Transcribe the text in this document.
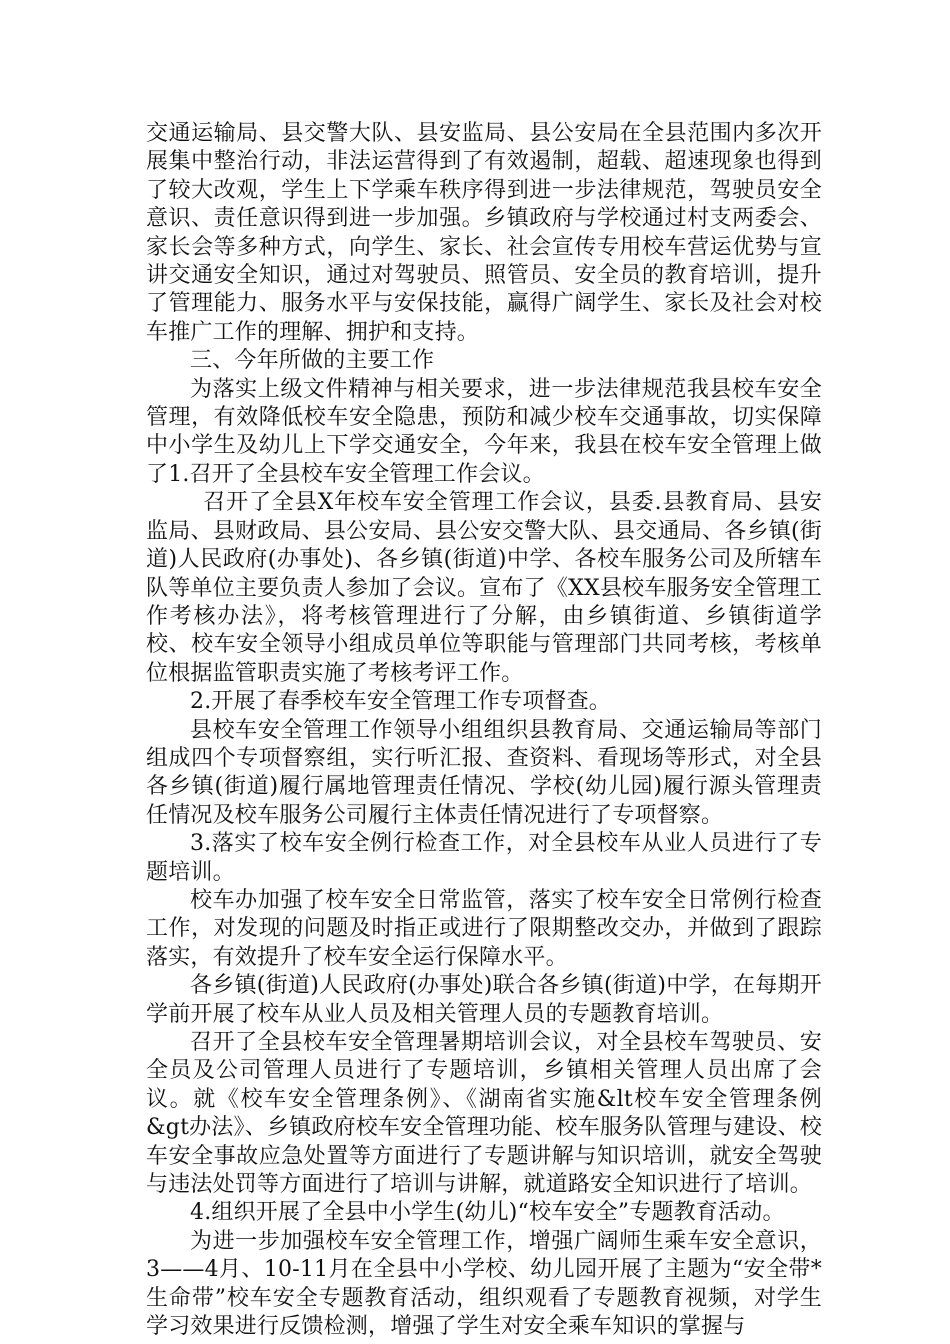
交通运输局、县交警大队、县安监局、县公安局在全县范围内多次开展集中整治行动，非法运营得到了有效遏制，超载、超速现象也得到了较大改观，学生上下学乘车秩序得到进一步法律规范，驾驶员安全意识、责任意识得到进一步加强。乡镇政府与学校通过村支两委会、家长会等多种方式，向学生、家长、社会宣传专用校车营运优势与宣讲交通安全知识，通过对驾驶员、照管员、安全员的教育培训，提升了管理能力、服务水平与安保技能，赢得广阔学生、家长及社会对校车推广工作的理解、拥护和支持。

三、今年所做的主要工作

为落实上级文件精神与相关要求，进一步法律规范我县校车安全管理，有效降低校车安全隐患，预防和减少校车交通事故，切实保障中小学生及幼儿上下学交通安全，今年来，我县在校车安全管理上做了1.召开了全县校车安全管理工作会议。

召开了全县X年校车安全管理工作会议，县委.县教育局、县安监局、县财政局、县公安局、县公安交警大队、县交通局、各乡镇(街道)人民政府(办事处)、各乡镇(街道)中学、各校车服务公司及所辖车队等单位主要负责人参加了会议。宣布了《XX县校车服务安全管理工作考核办法》，将考核管理进行了分解，由乡镇街道、乡镇街道学校、校车安全领导小组成员单位等职能与管理部门共同考核，考核单位根据监管职责实施了考核考评工作。

2.开展了春季校车安全管理工作专项督查。

县校车安全管理工作领导小组组织县教育局、交通运输局等部门组成四个专项督察组，实行听汇报、查资料、看现场等形式，对全县各乡镇(街道)履行属地管理责任情况、学校(幼儿园)履行源头管理责任情况及校车服务公司履行主体责任情况进行了专项督察。

3.落实了校车安全例行检查工作，对全县校车从业人员进行了专题培训。

校车办加强了校车安全日常监管，落实了校车安全日常例行检查工作，对发现的问题及时指正或进行了限期整改交办，并做到了跟踪落实，有效提升了校车安全运行保障水平。

各乡镇(街道)人民政府(办事处)联合各乡镇(街道)中学，在每期开学前开展了校车从业人员及相关管理人员的专题教育培训。

召开了全县校车安全管理暑期培训会议，对全县校车驾驶员、安全员及公司管理人员进行了专题培训，乡镇相关管理人员出席了会议。就《校车安全管理条例》、《湖南省实施&lt校车安全管理条例&gt办法》、乡镇政府校车安全管理功能、校车服务队管理与建设、校车安全事故应急处置等方面进行了专题讲解与知识培训，就安全驾驶与违法处罚等方面进行了培训与讲解，就道路安全知识进行了培训。

4.组织开展了全县中小学生(幼儿)“校车安全”专题教育活动。

为进一步加强校车安全管理工作，增强广阔师生乘车安全意识，3——4月、10-11月在全县中小学校、幼儿园开展了主题为“安全带*生命带”校车安全专题教育活动，组织观看了专题教育视频，对学生学习效果进行反馈检测，增强了学生对安全乘车知识的掌握与
